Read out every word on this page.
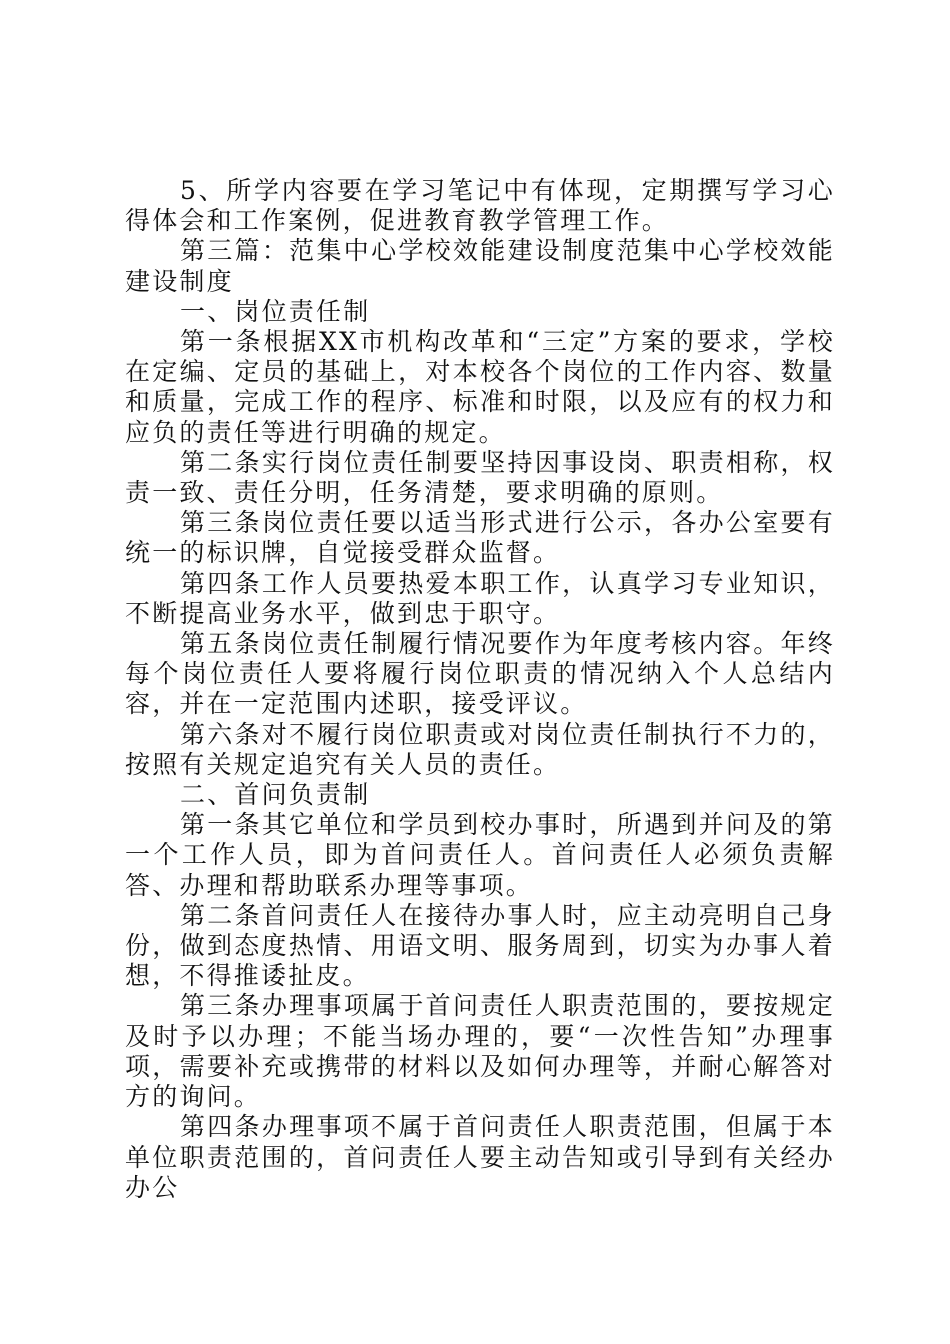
5、所学内容要在学习笔记中有体现，定期撰写学习心得体会和工作案例，促进教育教学管理工作。

第三篇：范集中心学校效能建设制度范集中心学校效能建设制度

一、岗位责任制

第一条根据XX市机构改革和“三定”方案的要求，学校在定编、定员的基础上，对本校各个岗位的工作内容、数量和质量，完成工作的程序、标准和时限，以及应有的权力和应负的责任等进行明确的规定。

第二条实行岗位责任制要坚持因事设岗、职责相称，权责一致、责任分明，任务清楚，要求明确的原则。

第三条岗位责任要以适当形式进行公示，各办公室要有统一的标识牌，自觉接受群众监督。

第四条工作人员要热爱本职工作，认真学习专业知识，不断提高业务水平，做到忠于职守。

第五条岗位责任制履行情况要作为年度考核内容。年终每个岗位责任人要将履行岗位职责的情况纳入个人总结内容，并在一定范围内述职，接受评议。

第六条对不履行岗位职责或对岗位责任制执行不力的，按照有关规定追究有关人员的责任。

二、首问负责制

第一条其它单位和学员到校办事时，所遇到并问及的第一个工作人员，即为首问责任人。首问责任人必须负责解答、办理和帮助联系办理等事项。

第二条首问责任人在接待办事人时，应主动亮明自己身份，做到态度热情、用语文明、服务周到，切实为办事人着想，不得推诿扯皮。

第三条办理事项属于首问责任人职责范围的，要按规定及时予以办理；不能当场办理的，要“一次性告知”办理事项，需要补充或携带的材料以及如何办理等，并耐心解答对方的询问。

第四条办理事项不属于首问责任人职责范围，但属于本单位职责范围的，首问责任人要主动告知或引导到有关经办办公
